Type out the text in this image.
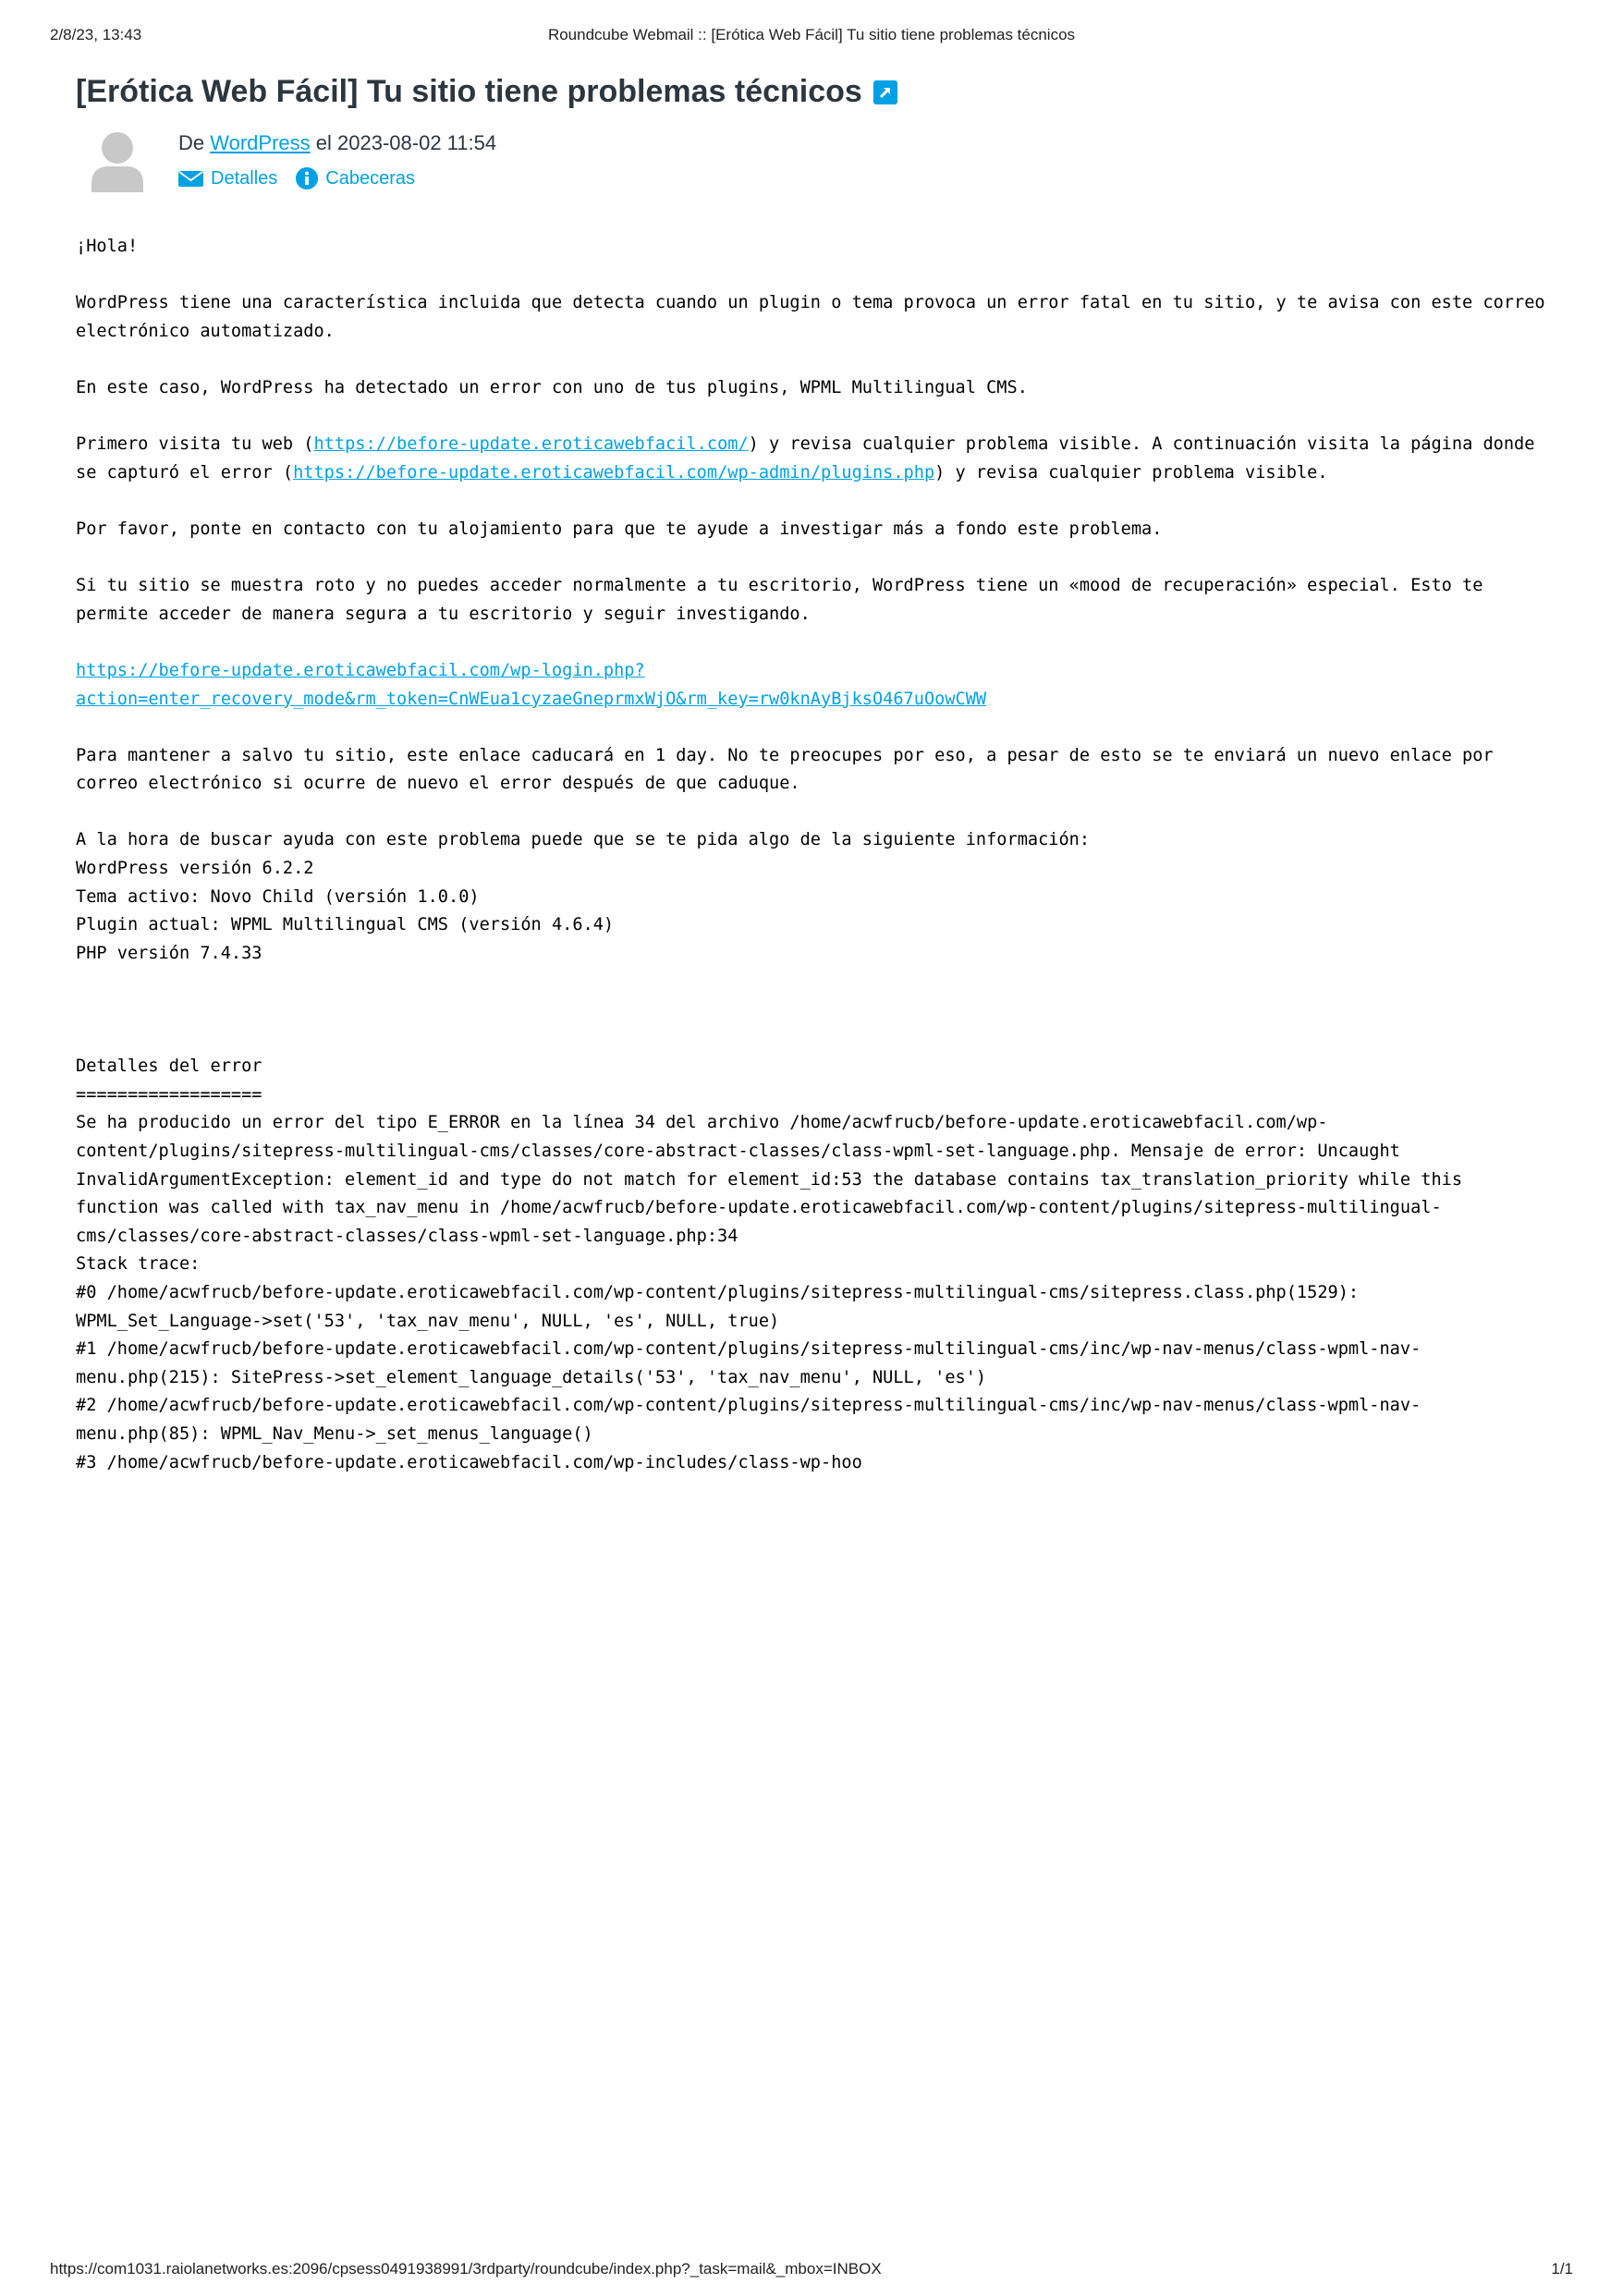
2/8/23, 13:43	Roundcube Webmail :: [Erótica Web Fácil] Tu sitio tiene problemas técnicos
[Erótica Web Fácil] Tu sitio tiene problemas técnicos
De WordPress el 2023-08-02 11:54
Detalles	Cabeceras
¡Hola!

WordPress tiene una característica incluida que detecta cuando un plugin o tema provoca un error fatal en tu sitio, y te avisa con este correo
electrónico automatizado.

En este caso, WordPress ha detectado un error con uno de tus plugins, WPML Multilingual CMS.

Primero visita tu web (https://before-update.eroticawebfacil.com/) y revisa cualquier problema visible. A continuación visita la página donde
se capturó el error (https://before-update.eroticawebfacil.com/wp-admin/plugins.php) y revisa cualquier problema visible.

Por favor, ponte en contacto con tu alojamiento para que te ayude a investigar más a fondo este problema.

Si tu sitio se muestra roto y no puedes acceder normalmente a tu escritorio, WordPress tiene un «mood de recuperación» especial. Esto te
permite acceder de manera segura a tu escritorio y seguir investigando.

https://before-update.eroticawebfacil.com/wp-login.php?
action=enter_recovery_mode&rm_token=CnWEua1cyzaeGneprmxWjO&rm_key=rw0knAyBjksO467uOowCWW

Para mantener a salvo tu sitio, este enlace caducará en 1 day. No te preocupes por eso, a pesar de esto se te enviará un nuevo enlace por
correo electrónico si ocurre de nuevo el error después de que caduque.

A la hora de buscar ayuda con este problema puede que se te pida algo de la siguiente información:
WordPress versión 6.2.2
Tema activo: Novo Child (versión 1.0.0)
Plugin actual: WPML Multilingual CMS (versión 4.6.4)
PHP versión 7.4.33

Detalles del error
==================
Se ha producido un error del tipo E_ERROR en la línea 34 del archivo /home/acwfrucb/before-update.eroticawebfacil.com/wp-
content/plugins/sitepress-multilingual-cms/classes/core-abstract-classes/class-wpml-set-language.php. Mensaje de error: Uncaught
InvalidArgumentException: element_id and type do not match for element_id:53 the database contains tax_translation_priority while this
function was called with tax_nav_menu in /home/acwfrucb/before-update.eroticawebfacil.com/wp-content/plugins/sitepress-multilingual-
cms/classes/core-abstract-classes/class-wpml-set-language.php:34
Stack trace:
#0 /home/acwfrucb/before-update.eroticawebfacil.com/wp-content/plugins/sitepress-multilingual-cms/sitepress.class.php(1529):
WPML_Set_Language->set('53', 'tax_nav_menu', NULL, 'es', NULL, true)
#1 /home/acwfrucb/before-update.eroticawebfacil.com/wp-content/plugins/sitepress-multilingual-cms/inc/wp-nav-menus/class-wpml-nav-
menu.php(215): SitePress->set_element_language_details('53', 'tax_nav_menu', NULL, 'es')
#2 /home/acwfrucb/before-update.eroticawebfacil.com/wp-content/plugins/sitepress-multilingual-cms/inc/wp-nav-menus/class-wpml-nav-
menu.php(85): WPML_Nav_Menu->_set_menus_language()
#3 /home/acwfrucb/before-update.eroticawebfacil.com/wp-includes/class-wp-hoo
https://com1031.raiolanetworks.es:2096/cpsess0491938991/3rdparty/roundcube/index.php?_task=mail&_mbox=INBOX	1/1
